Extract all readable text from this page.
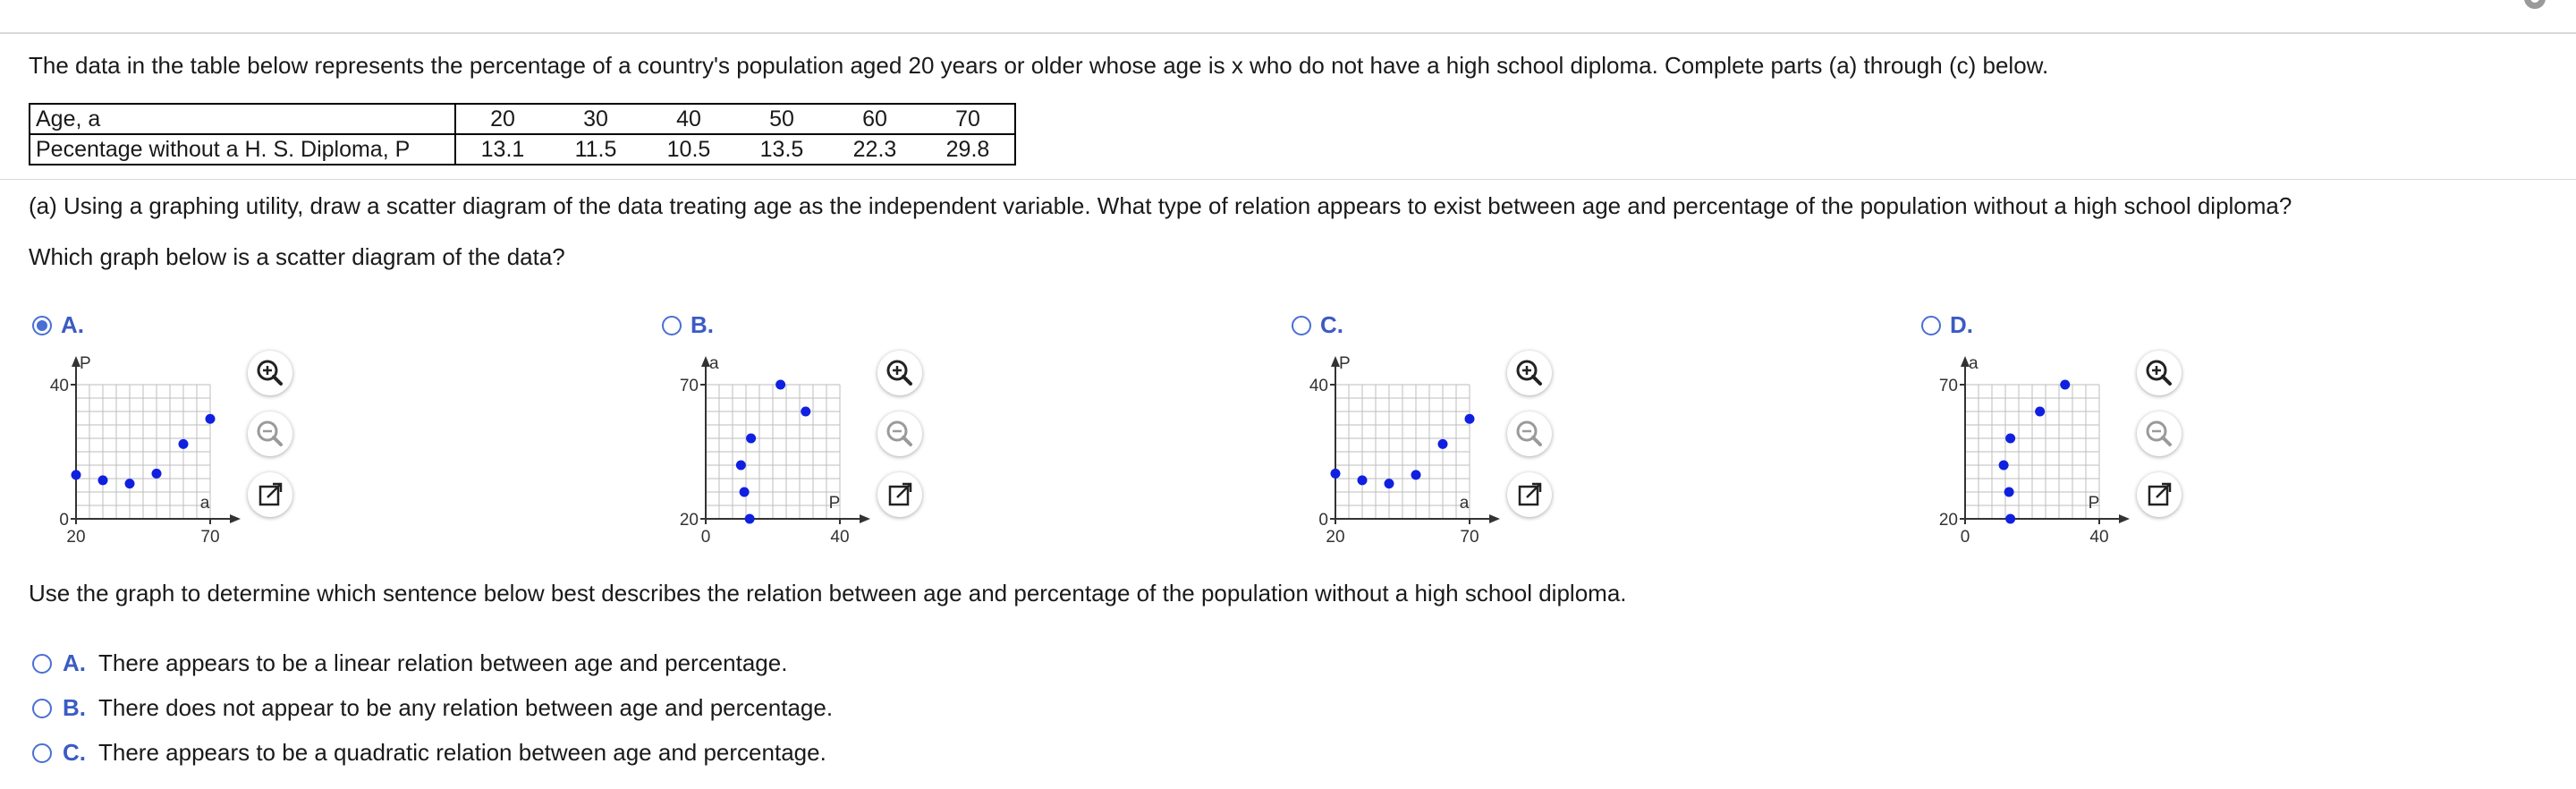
The data in the table below represents the percentage of a country's population aged 20 years or older whose age is x who do not have a high school diploma. Complete parts (a) through (c) below.
Age, a	20	30	40	50	60	70
Pecentage without a H. S. Diploma, P	13.1	11.5	10.5	13.5	22.3	29.8
(a) Using a graphing utility, draw a scatter diagram of the data treating age as the independent variable. What type of relation appears to exist between age and percentage of the population without a high school diploma?
Which graph below is a scatter diagram of the data?
A.	B.	C.	D.
P
a
40
0
20	70
a
P
70
20
0	40
P
a
40
0
20	70
a
P
70
20
0	40
Use the graph to determine which sentence below best describes the relation between age and percentage of the population without a high school diploma.
A. There appears to be a linear relation between age and percentage.
B. There does not appear to be any relation between age and percentage.
C. There appears to be a quadratic relation between age and percentage.
